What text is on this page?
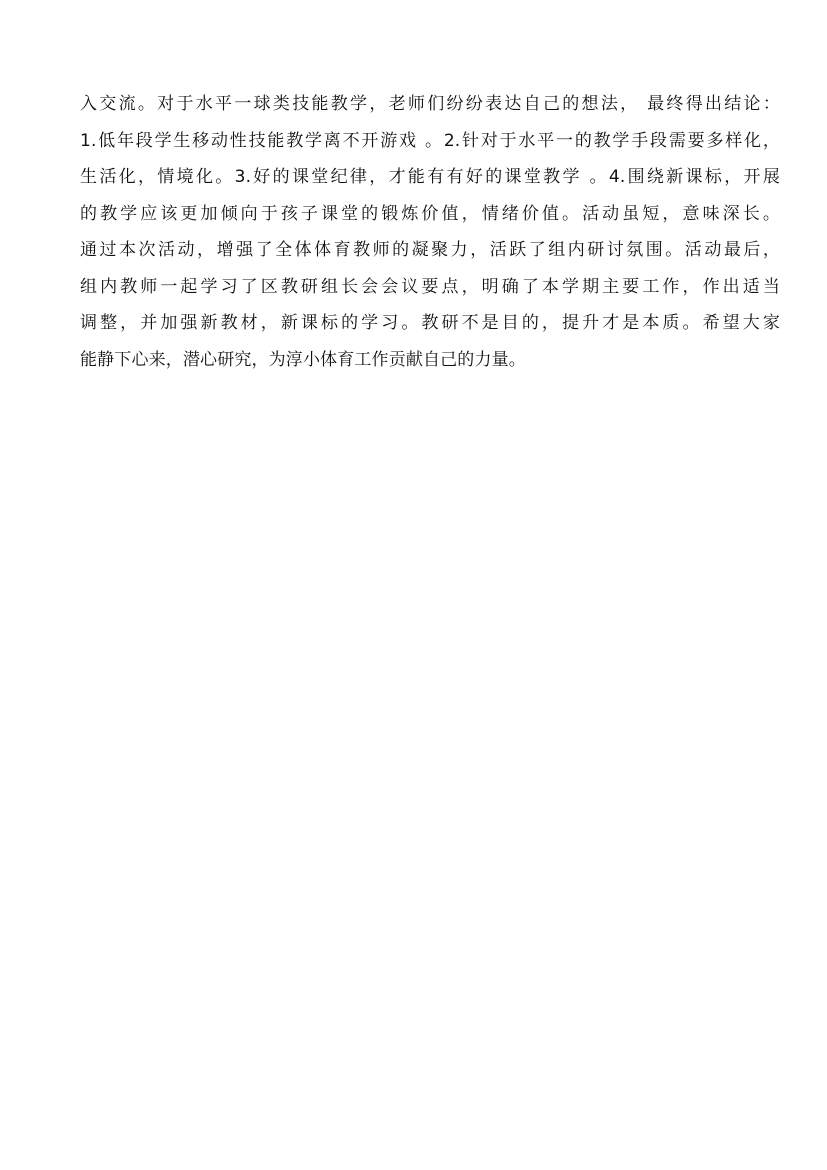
入交流。对于水平一球类技能教学，老师们纷纷表达自己的想法， 最终得出结论：
1.低年段学生移动性技能教学离不开游戏 。2.针对于水平一的教学手段需要多样化，
生活化，情境化。3.好的课堂纪律，才能有有好的课堂教学 。4.围绕新课标，开展
的教学应该更加倾向于孩子课堂的锻炼价值，情绪价值。活动虽短，意味深长。
通过本次活动，增强了全体体育教师的凝聚力，活跃了组内研讨氛围。活动最后，
组内教师一起学习了区教研组长会会议要点，明确了本学期主要工作，作出适当
调整，并加强新教材，新课标的学习。教研不是目的，提升才是本质。希望大家
能静下心来，潜心研究，为淳小体育工作贡献自己的力量。
